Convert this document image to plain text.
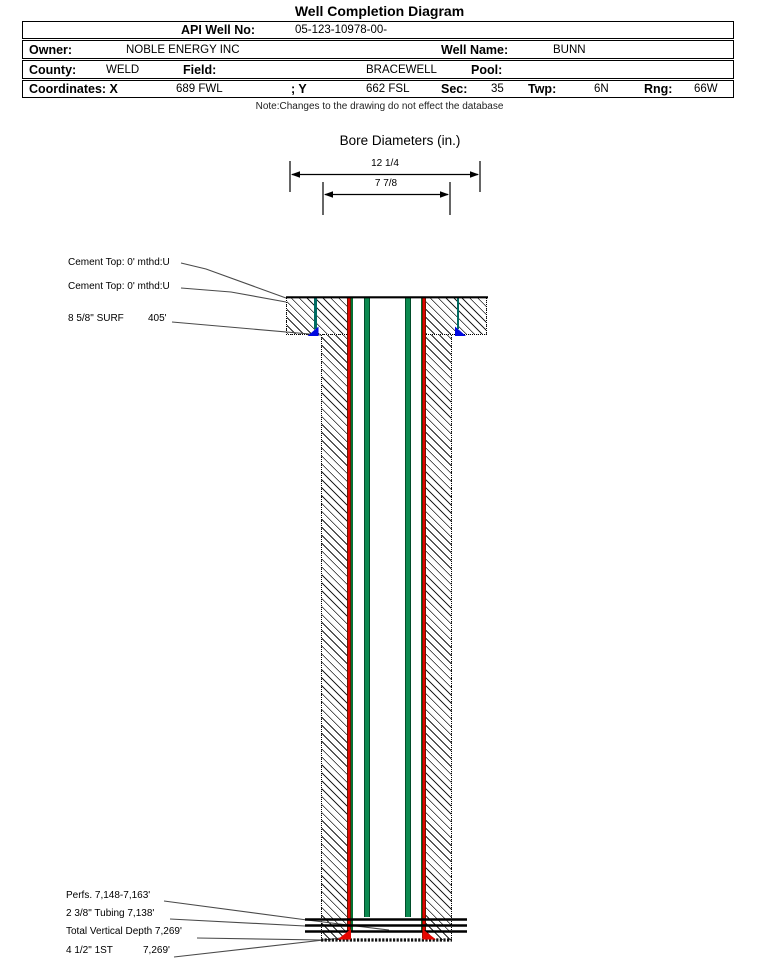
Well Completion Diagram
API Well No:	05-123-10978-00-
Owner:	NOBLE ENERGY INC	Well Name:	BUNN
County:	WELD	Field:	BRACEWELL	Pool:
Coordinates: X	689 FWL	; Y	662 FSL	Sec: 35 Twp:	6N	Rng: 66W
Note:Changes to the drawing do not effect the database
Bore Diameters (in.)
12 1/4
7 7/8
Cement Top: 0' mthd:U
Cement Top: 0' mthd:U
8 5/8" SURF 405'
Perfs. 7,148-7,163'
2 3/8" Tubing 7,138'
Total Vertical Depth 7,269'
4 1/2" 1ST	7,269'
